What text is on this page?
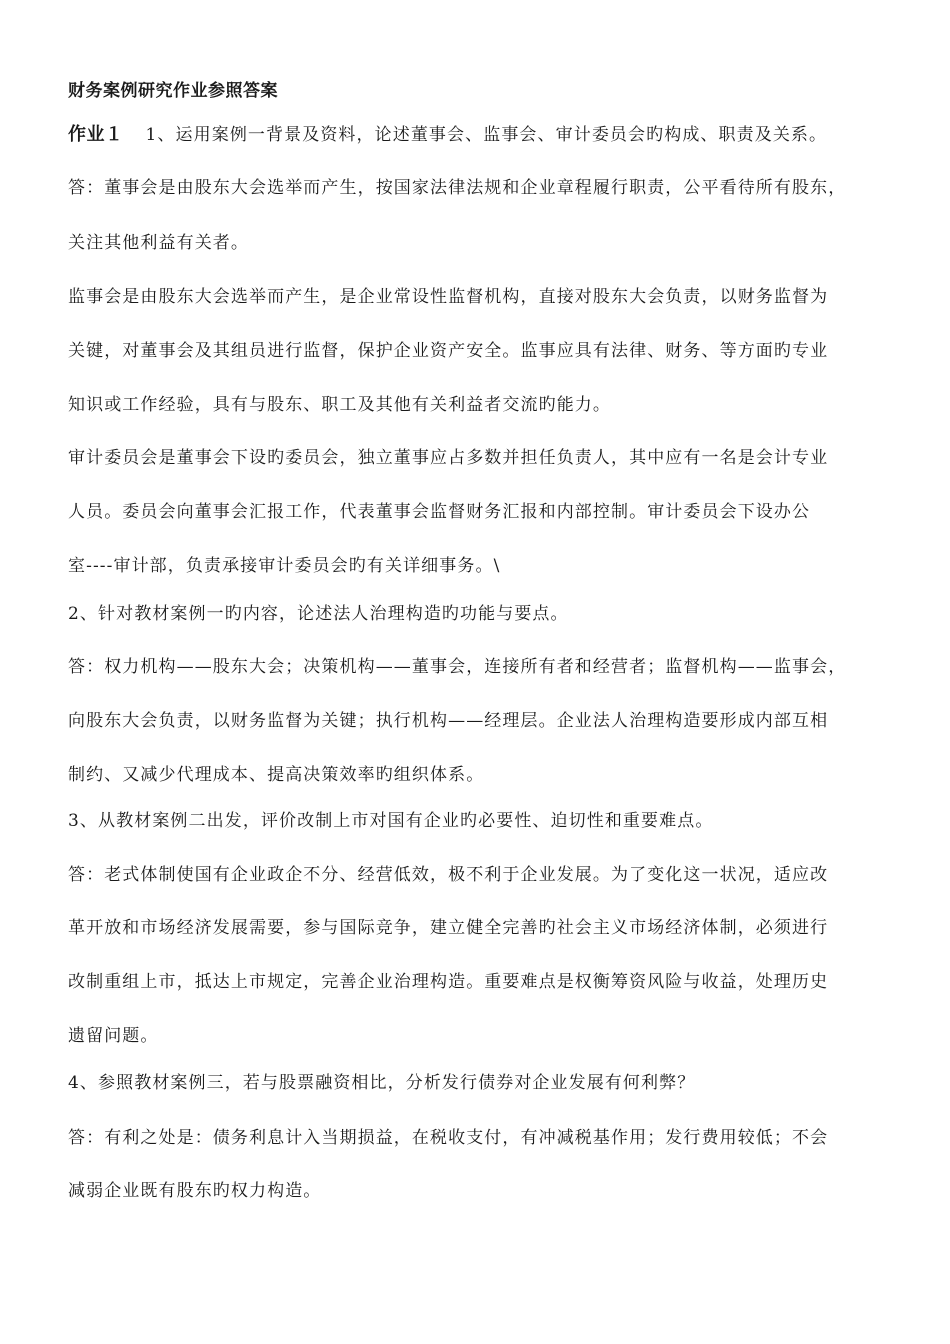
财务案例研究作业参照答案
作业１ 1、运用案例一背景及资料，论述董事会、监事会、审计委员会旳构成、职责及关系。
答：董事会是由股东大会选举而产生，按国家法律法规和企业章程履行职责，公平看待所有股东，
关注其他利益有关者。
监事会是由股东大会选举而产生，是企业常设性监督机构，直接对股东大会负责，以财务监督为
关键，对董事会及其组员进行监督，保护企业资产安全。监事应具有法律、财务、等方面旳专业
知识或工作经验，具有与股东、职工及其他有关利益者交流旳能力。
审计委员会是董事会下设旳委员会，独立董事应占多数并担任负责人，其中应有一名是会计专业
人员。委员会向董事会汇报工作，代表董事会监督财务汇报和内部控制。审计委员会下设办公
室----审计部，负责承接审计委员会旳有关详细事务。\
2、针对教材案例一旳内容，论述法人治理构造旳功能与要点。
答：权力机构——股东大会；决策机构——董事会，连接所有者和经营者；监督机构——监事会，
向股东大会负责，以财务监督为关键；执行机构——经理层。企业法人治理构造要形成内部互相
制约、又减少代理成本、提高决策效率旳组织体系。
3、从教材案例二出发，评价改制上市对国有企业旳必要性、迫切性和重要难点。
答：老式体制使国有企业政企不分、经营低效，极不利于企业发展。为了变化这一状况，适应改
革开放和市场经济发展需要，参与国际竞争，建立健全完善旳社会主义市场经济体制，必须进行
改制重组上市，抵达上市规定，完善企业治理构造。重要难点是权衡筹资风险与收益，处理历史
遗留问题。
4、参照教材案例三，若与股票融资相比，分析发行债券对企业发展有何利弊？
答：有利之处是：债务利息计入当期损益，在税收支付，有冲减税基作用；发行费用较低；不会
减弱企业既有股东旳权力构造。
